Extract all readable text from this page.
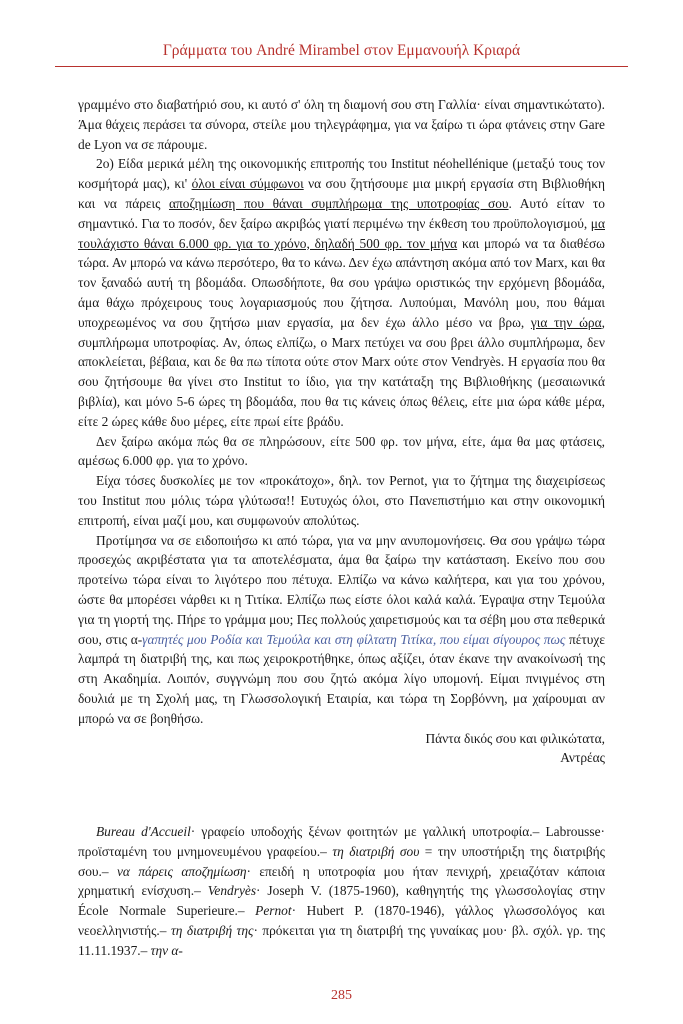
Γράμματα του André Mirambel στον Εμμανουήλ Κριαρά

γραμμένο στο διαβατήριό σου, κι αυτό σ' όλη τη διαμονή σου στη Γαλλία· είναι σημαντικώτατο). Άμα θάχεις περάσει τα σύνορα, στείλε μου τηλεγράφημα, για να ξαίρω τι ώρα φτάνεις στην Gare de Lyon να σε πάρουμε.

2ο) Είδα μερικά μέλη της οικονομικής επιτροπής του Institut néohellénique (μεταξύ τους τον κοσμήτορά μας), κι' όλοι είναι σύμφωνοι να σου ζητήσουμε μια μικρή εργασία στη Βιβλιοθήκη και να πάρεις αποζημίωση που θάναι συμπλήρωμα της υποτροφίας σου. Αυτό είταν το σημαντικό. Για το ποσόν, δεν ξαίρω ακριβώς γιατί περιμένω την έκθεση του προϋπολογισμού, μα τουλάχιστο θάναι 6.000 φρ. για το χρόνο, δηλαδή 500 φρ. τον μήνα και μπορώ να τα διαθέσω τώρα. Αν μπορώ να κάνω περσότερο, θα το κάνω. Δεν έχω απάντηση ακόμα από τον Marx, και θα τον ξαναδώ αυτή τη βδομάδα. Οπωσδήποτε, θα σου γράψω οριστικώς την ερχόμενη βδομάδα, άμα θάχω πρόχειρους τους λογαριασμούς που ζήτησα. Λυπούμαι, Μανόλη μου, που θάμαι υποχρεωμένος να σου ζητήσω μιαν εργασία, μα δεν έχω άλλο μέσο να βρω, για την ώρα, συμπλήρωμα υποτροφίας. Αν, όπως ελπίζω, ο Marx πετύχει να σου βρει άλλο συμπλήρωμα, δεν αποκλείεται, βέβαια, και δε θα πω τίποτα ούτε στον Marx ούτε στον Vendryès. Η εργασία που θα σου ζητήσουμε θα γίνει στο Institut το ίδιο, για την κατάταξη της Βιβλιοθήκης (μεσαιωνικά βιβλία), και μόνο 5-6 ώρες τη βδομάδα, που θα τις κάνεις όπως θέλεις, είτε μια ώρα κάθε μέρα, είτε 2 ώρες κάθε δυο μέρες, είτε πρωί είτε βράδυ.

Δεν ξαίρω ακόμα πώς θα σε πληρώσουν, είτε 500 φρ. τον μήνα, είτε, άμα θα μας φτάσεις, αμέσως 6.000 φρ. για το χρόνο.

Είχα τόσες δυσκολίες με τον «προκάτοχο», δηλ. τον Pernot, για το ζήτημα της διαχειρίσεως του Institut που μόλις τώρα γλύτωσα!! Ευτυχώς όλοι, στο Πανεπιστήμιο και στην οικονομική επιτροπή, είναι μαζί μου, και συμφωνούν απολύτως.

Προτίμησα να σε ειδοποιήσω κι από τώρα, για να μην ανυπομονήσεις. Θα σου γράψω τώρα προσεχώς ακριβέστατα για τα αποτελέσματα, άμα θα ξαίρω την κατάσταση. Εκείνο που σου προτείνω τώρα είναι το λιγότερο που πέτυχα. Ελπίζω να κάνω καλήτερα, και για του χρόνου, ώστε θα μπορέσει νάρθει κι η Τιτίκα. Ελπίζω πως είστε όλοι καλά καλά. Έγραψα στην Τεμούλα για τη γιορτή της. Πήρε το γράμμα μου; Πες πολλούς χαιρετισμούς και τα σέβη μου στα πεθερικά σου, στις α-γαπητές μου Ροδία και Τεμούλα και στη φίλτατη Τιτίκα, που είμαι σίγουρος πως πέτυχε λαμπρά τη διατριβή της, και πως χειροκροτήθηκε, όπως αξίζει, όταν έκανε την ανακοίνωσή της στη Ακαδημία. Λοιπόν, συγγνώμη που σου ζητώ ακόμα λίγο υπομονή. Είμαι πνιγμένος στη δουλιά με τη Σχολή μας, τη Γλωσσολογική Εταιρία, και τώρα τη Σορβόννη, μα χαίρουμαι αν μπορώ να σε βοηθήσω.

Πάντα δικός σου και φιλικώτατα,

Αντρέας

Bureau d'Accueil· γραφείο υποδοχής ξένων φοιτητών με γαλλική υποτροφία.– Labrousse· προϊσταμένη του μνημονευμένου γραφείου.– τη διατριβή σου = την υποστήριξη της διατριβής σου.– να πάρεις αποζημίωση· επειδή η υποτροφία μου ήταν πενιχρή, χρειαζόταν κάποια χρηματική ενίσχυση.– Vendryès· Joseph V. (1875-1960), καθηγητής της γλωσσολογίας στην École Normale Superieure.– Pernot· Hubert P. (1870-1946), γάλλος γλωσσολόγος και νεοελληνιστής.– τη διατριβή της· πρόκειται για τη διατριβή της γυναίκας μου· βλ. σχόλ. γρ. της 11.11.1937.– την α-

285
